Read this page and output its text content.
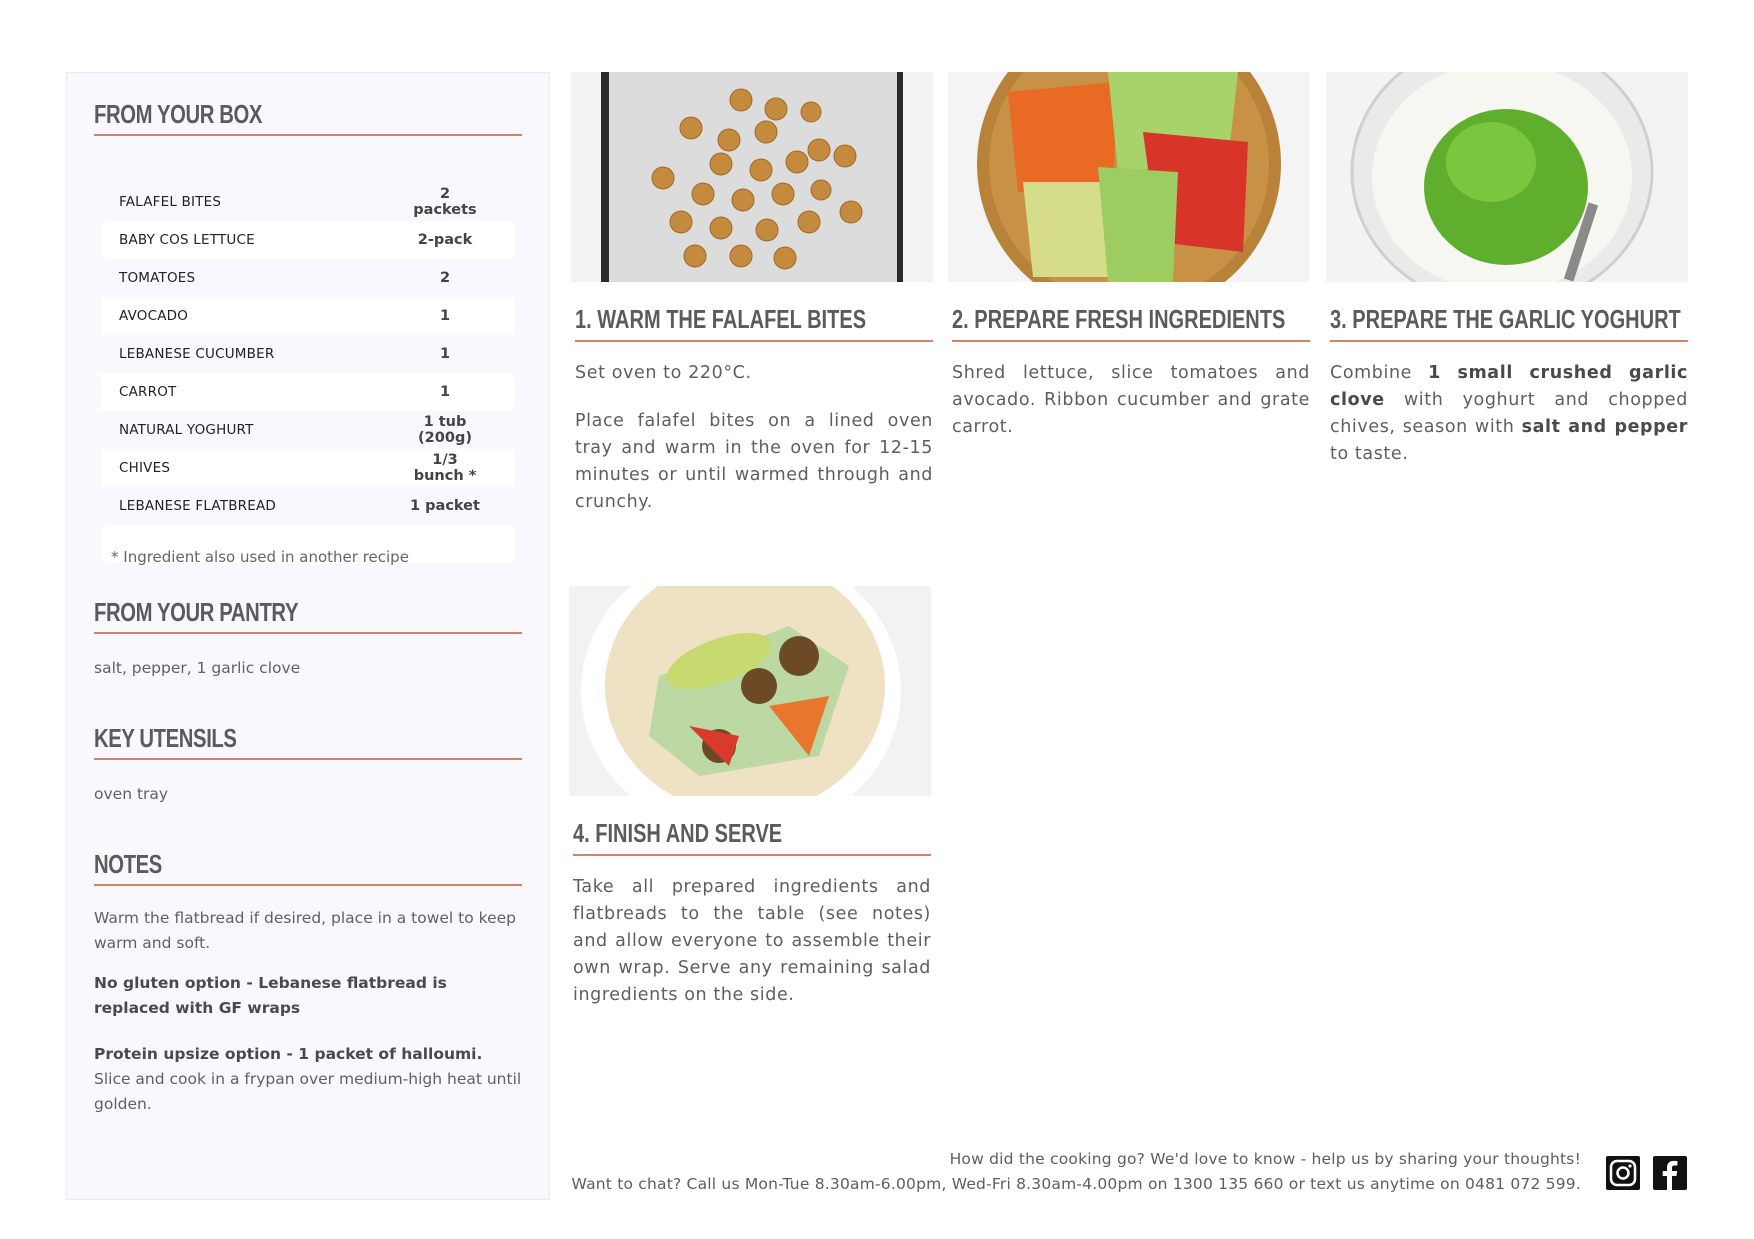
FROM YOUR BOX
FALAFEL BITES	2 packets
BABY COS LETTUCE	2-pack
TOMATOES	2
AVOCADO	1
LEBANESE CUCUMBER	1
CARROT	1
NATURAL YOGHURT	1 tub (200g)
CHIVES	1/3 bunch *
LEBANESE FLATBREAD	1 packet
* Ingredient also used in another recipe
FROM YOUR PANTRY

salt, pepper, 1 garlic clove

KEY UTENSILS

oven tray

NOTES

Warm the flatbread if desired, place in a towel to keep warm and soft.

No gluten option - Lebanese flatbread is replaced with GF wraps

Protein upsize option - 1 packet of halloumi. Slice and cook in a frypan over medium-high heat until golden.

1. WARM THE FALAFEL BITES

Set oven to 220°C.

Place falafel bites on a lined oven tray and warm in the oven for 12-15 minutes or until warmed through and crunchy.

2. PREPARE FRESH INGREDIENTS

Shred lettuce, slice tomatoes and avocado. Ribbon cucumber and grate carrot.

3. PREPARE THE GARLIC YOGHURT

Combine 1 small crushed garlic clove with yoghurt and chopped chives, season with salt and pepper to taste.

4. FINISH AND SERVE

Take all prepared ingredients and flatbreads to the table (see notes) and allow everyone to assemble their own wrap. Serve any remaining salad ingredients on the side.

How did the cooking go? We'd love to know - help us by sharing your thoughts!
Want to chat? Call us Mon-Tue 8.30am-6.00pm, Wed-Fri 8.30am-4.00pm on 1300 135 660 or text us anytime on 0481 072 599.
